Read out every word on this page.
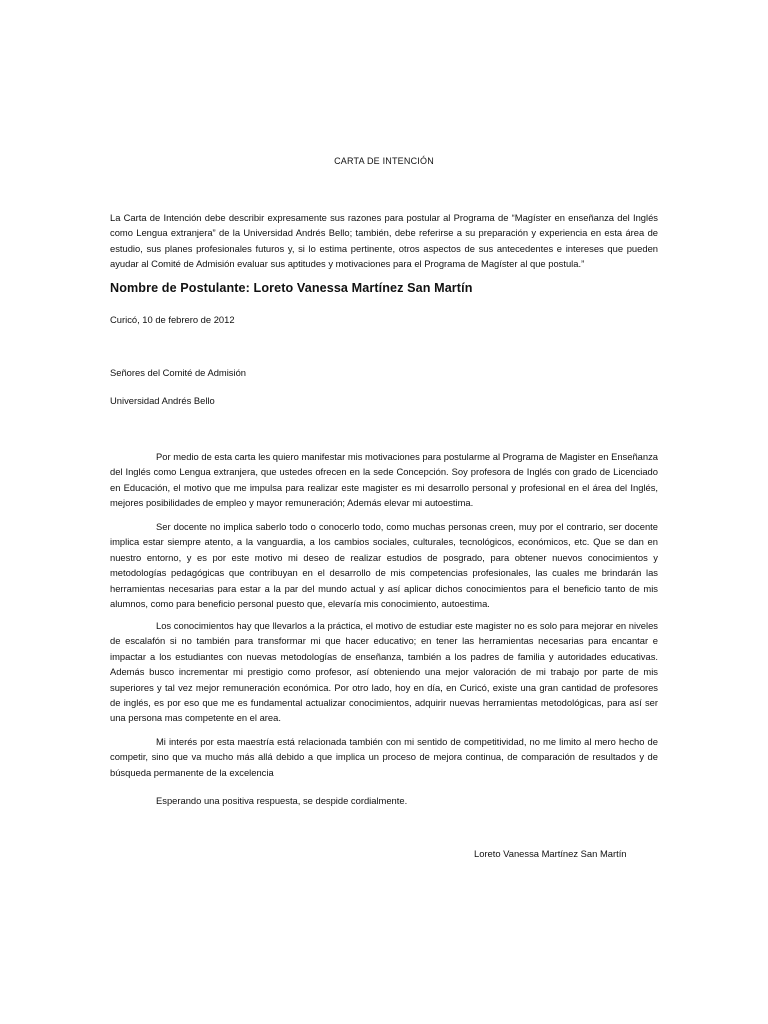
CARTA DE INTENCIÓN

La Carta de Intención debe describir expresamente sus razones para postular al Programa de “Magíster en enseñanza del Inglés como Lengua extranjera” de la Universidad Andrés Bello; también, debe referirse a su preparación y experiencia en esta área de estudio, sus planes profesionales futuros y, si lo estima pertinente, otros aspectos de sus antecedentes e intereses que pueden ayudar al Comité de Admisión evaluar sus aptitudes y motivaciones para el Programa de Magíster al que postula.”

Nombre de Postulante: Loreto Vanessa Martínez San Martín

Curicó, 10 de febrero de 2012

Señores del Comité de Admisión

Universidad Andrés Bello

Por medio de esta carta les quiero manifestar mis motivaciones para postularme al Programa de Magister en Enseñanza del Inglés como Lengua extranjera, que ustedes ofrecen en la sede Concepción. Soy profesora de Inglés con grado de Licenciado en Educación, el motivo que me impulsa para realizar este magister es mi desarrollo personal y profesional en el área del Inglés, mejores posibilidades de empleo y mayor remuneración; Además elevar mi autoestima.

Ser docente no implica saberlo todo o conocerlo todo, como muchas personas creen, muy por el contrario, ser docente implica estar siempre atento, a la vanguardia, a los cambios sociales, culturales, tecnológicos, económicos, etc. Que se dan en nuestro entorno, y es por este motivo mi deseo de realizar estudios de posgrado, para obtener nuevos conocimientos y metodologías pedagógicas que contribuyan en el desarrollo de mis competencias profesionales, las cuales me brindarán las herramientas necesarias para estar a la par del mundo actual y así aplicar dichos conocimientos para el beneficio tanto de mis alumnos, como para beneficio personal puesto que, elevaría mis conocimiento, autoestima.

Los conocimientos hay que llevarlos a la práctica, el motivo de estudiar este magister no es solo para mejorar en niveles de escalafón si no también para transformar mi que hacer educativo; en tener las herramientas necesarias para encantar e impactar a los estudiantes con nuevas metodologías de enseñanza, también a los padres de familia y autoridades educativas. Además busco incrementar mi prestigio como profesor, así obteniendo una mejor valoración de mi trabajo por parte de mis superiores y tal vez mejor remuneración económica. Por otro lado, hoy en día, en Curicó, existe una gran cantidad de profesores de inglés, es por eso que me es fundamental actualizar conocimientos, adquirir nuevas herramientas metodológicas, para así ser una persona mas competente en el area.

Mi interés por esta maestría está relacionada también con mi sentido de competitividad, no me limito al mero hecho de competir, sino que va mucho más allá debido a que implica un proceso de mejora continua, de comparación de resultados y de búsqueda permanente de la excelencia

Esperando una positiva respuesta, se despide cordialmente.

Loreto Vanessa Martínez San Martín
